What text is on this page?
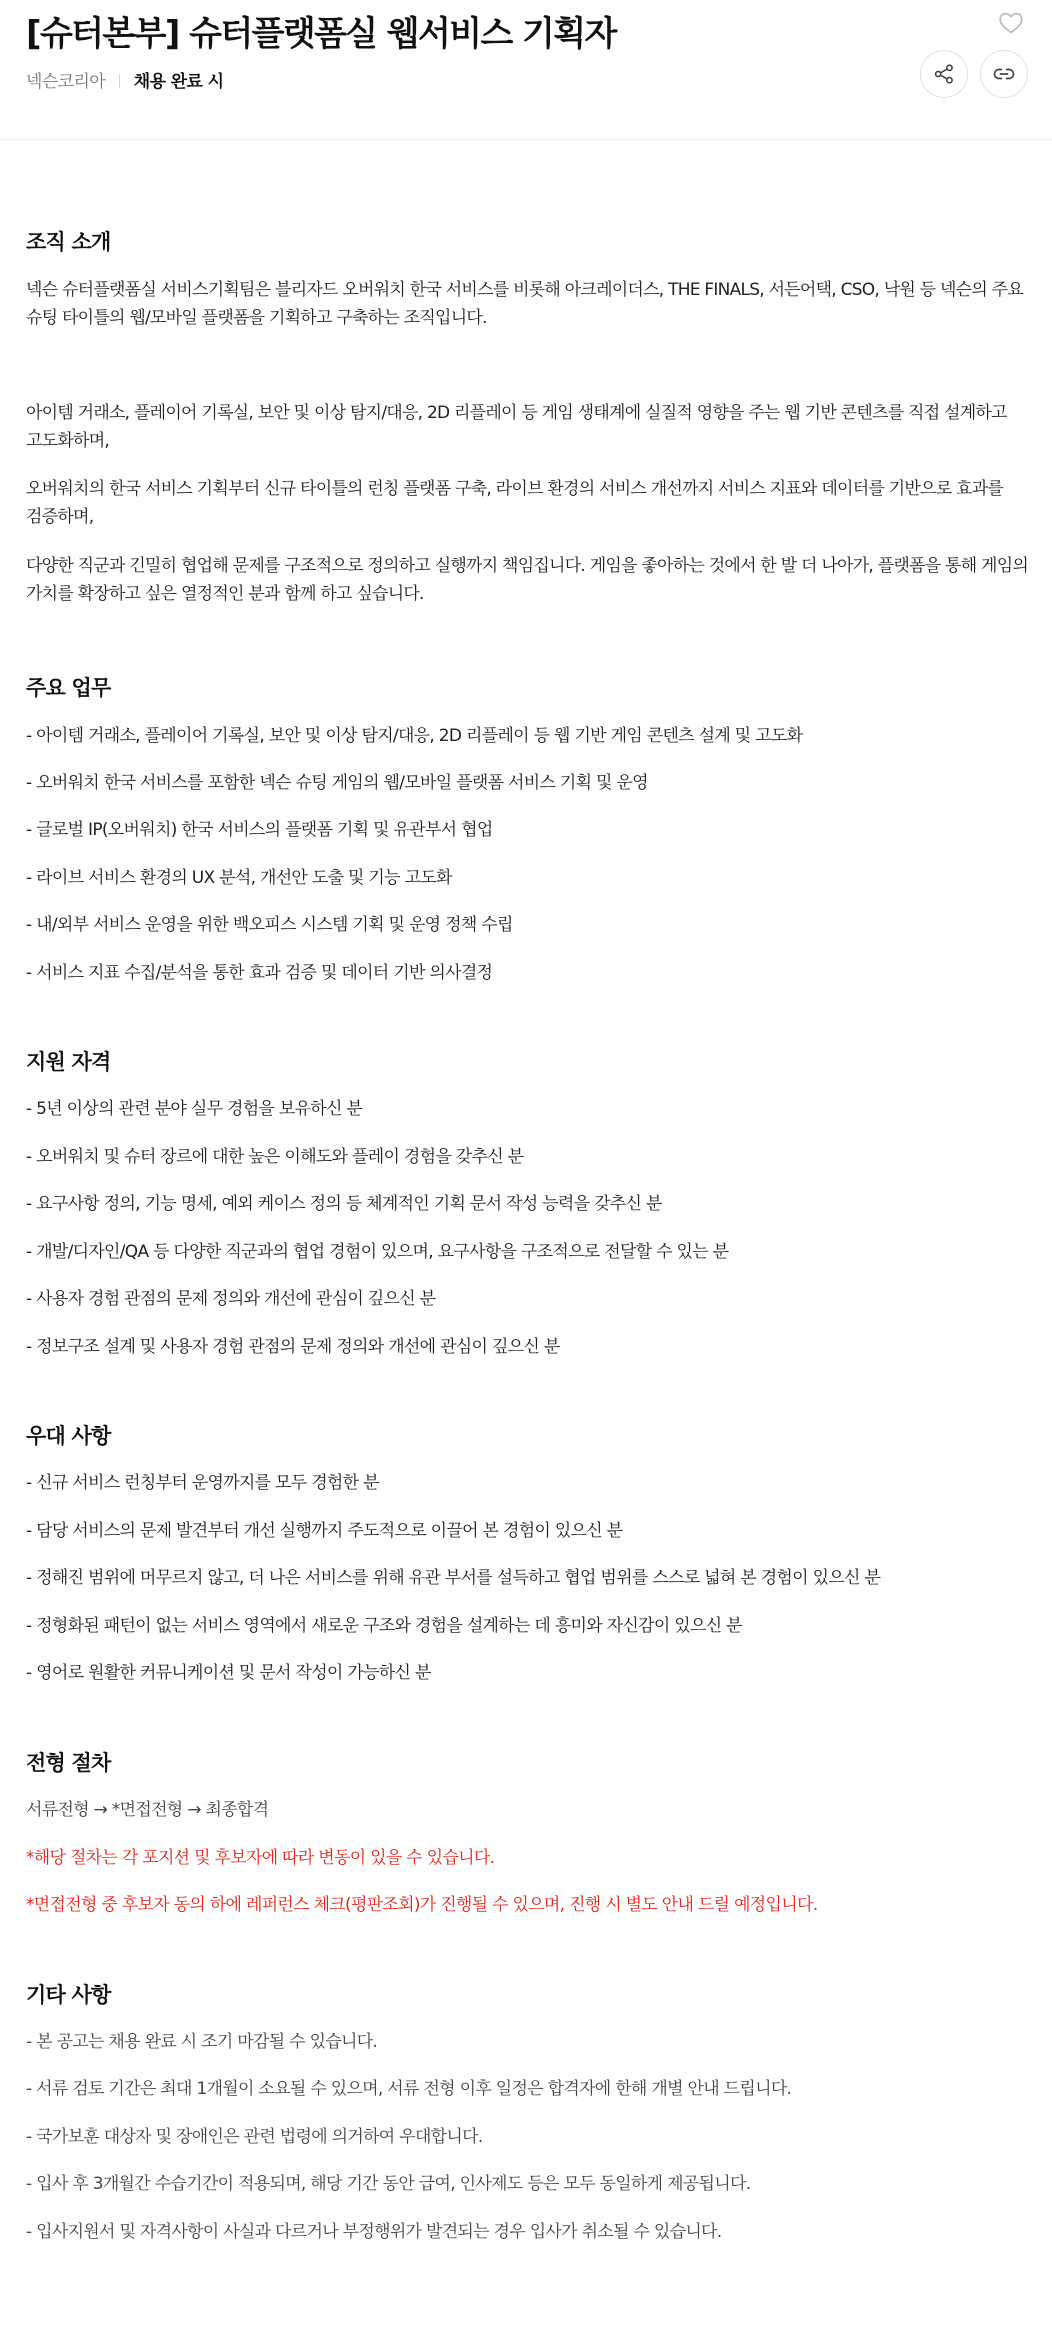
[슈터본부] 슈터플랫폼실 웹서비스 기획자
넥슨코리아 채용 완료 시
조직 소개

넥슨 슈터플랫폼실 서비스기획팀은 블리자드 오버워치 한국 서비스를 비롯해 아크레이더스, THE FINALS, 서든어택, CSO, 낙원 등 넥슨의 주요 슈팅 타이틀의 웹/모바일 플랫폼을 기획하고 구축하는 조직입니다.

아이템 거래소, 플레이어 기록실, 보안 및 이상 탐지/대응, 2D 리플레이 등 게임 생태계에 실질적 영향을 주는 웹 기반 콘텐츠를 직접 설계하고 고도화하며,

오버워치의 한국 서비스 기획부터 신규 타이틀의 런칭 플랫폼 구축, 라이브 환경의 서비스 개선까지 서비스 지표와 데이터를 기반으로 효과를 검증하며,

다양한 직군과 긴밀히 협업해 문제를 구조적으로 정의하고 실행까지 책임집니다. 게임을 좋아하는 것에서 한 발 더 나아가, 플랫폼을 통해 게임의 가치를 확장하고 싶은 열정적인 분과 함께 하고 싶습니다.

주요 업무

- 아이템 거래소, 플레이어 기록실, 보안 및 이상 탐지/대응, 2D 리플레이 등 웹 기반 게임 콘텐츠 설계 및 고도화

- 오버워치 한국 서비스를 포함한 넥슨 슈팅 게임의 웹/모바일 플랫폼 서비스 기획 및 운영

- 글로벌 IP(오버워치) 한국 서비스의 플랫폼 기획 및 유관부서 협업

- 라이브 서비스 환경의 UX 분석, 개선안 도출 및 기능 고도화

- 내/외부 서비스 운영을 위한 백오피스 시스템 기획 및 운영 정책 수립

- 서비스 지표 수집/분석을 통한 효과 검증 및 데이터 기반 의사결정

지원 자격

- 5년 이상의 관련 분야 실무 경험을 보유하신 분

- 오버워치 및 슈터 장르에 대한 높은 이해도와 플레이 경험을 갖추신 분

- 요구사항 정의, 기능 명세, 예외 케이스 정의 등 체계적인 기획 문서 작성 능력을 갖추신 분

- 개발/디자인/QA 등 다양한 직군과의 협업 경험이 있으며, 요구사항을 구조적으로 전달할 수 있는 분

- 사용자 경험 관점의 문제 정의와 개선에 관심이 깊으신 분

- 정보구조 설계 및 사용자 경험 관점의 문제 정의와 개선에 관심이 깊으신 분

우대 사항

- 신규 서비스 런칭부터 운영까지를 모두 경험한 분

- 담당 서비스의 문제 발견부터 개선 실행까지 주도적으로 이끌어 본 경험이 있으신 분

- 정해진 범위에 머무르지 않고, 더 나은 서비스를 위해 유관 부서를 설득하고 협업 범위를 스스로 넓혀 본 경험이 있으신 분

- 정형화된 패턴이 없는 서비스 영역에서 새로운 구조와 경험을 설계하는 데 흥미와 자신감이 있으신 분

- 영어로 원활한 커뮤니케이션 및 문서 작성이 가능하신 분

전형 절차

서류전형 → *면접전형 → 최종합격

*해당 절차는 각 포지션 및 후보자에 따라 변동이 있을 수 있습니다.

*면접전형 중 후보자 동의 하에 레퍼런스 체크(평판조회)가 진행될 수 있으며, 진행 시 별도 안내 드릴 예정입니다.

기타 사항

- 본 공고는 채용 완료 시 조기 마감될 수 있습니다.

- 서류 검토 기간은 최대 1개월이 소요될 수 있으며, 서류 전형 이후 일정은 합격자에 한해 개별 안내 드립니다.

- 국가보훈 대상자 및 장애인은 관련 법령에 의거하여 우대합니다.

- 입사 후 3개월간 수습기간이 적용되며, 해당 기간 동안 급여, 인사제도 등은 모두 동일하게 제공됩니다.

- 입사지원서 및 자격사항이 사실과 다르거나 부정행위가 발견되는 경우 입사가 취소될 수 있습니다.
